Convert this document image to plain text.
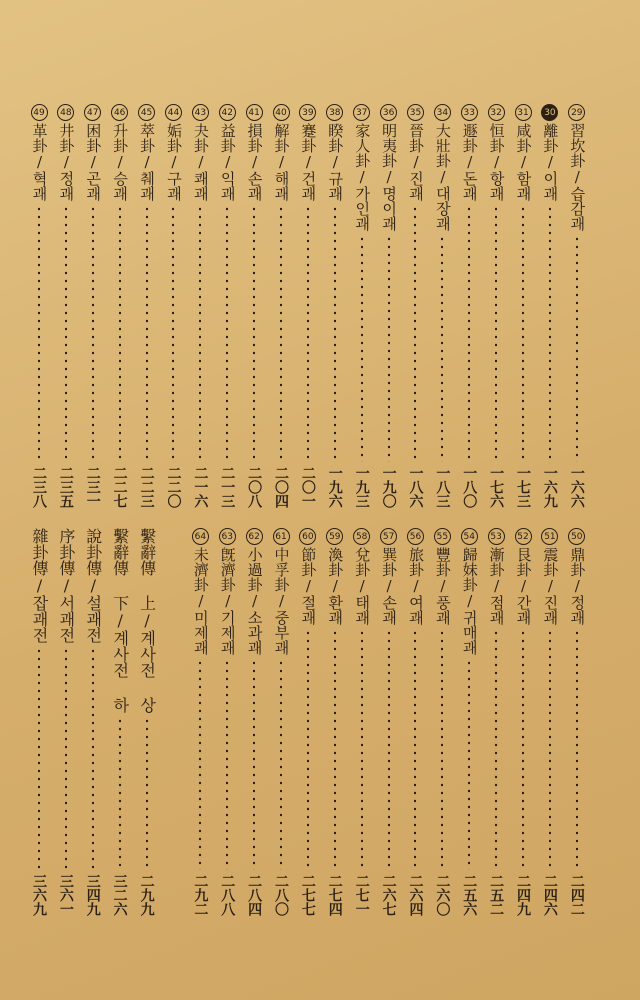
29
習坎卦/습감괘
一六六
30
離卦/이괘
一六九
31
咸卦/함괘
一七三
32
恒卦/항괘
一七六
33
遯卦/돈괘
一八〇
34
大壯卦/대장괘
一八三
35
晉卦/진괘
一八六
36
明夷卦/명이괘
一九〇
37
家人卦/가인괘
一九三
38
睽卦/규괘
一九六
39
蹇卦/건괘
二〇一
40
解卦/해괘
二〇四
41
損卦/손괘
二〇八
42
益卦/익괘
二一三
43
夬卦/쾌괘
二一六
44
姤卦/구괘
二二〇
45
萃卦/췌괘
二二三
46
升卦/승괘
二二七
47
困卦/곤괘
二三一
48
井卦/정괘
二三五
49
革卦/혁괘
二三八
50
鼎卦/정괘
二四二
51
震卦/진괘
二四六
52
艮卦/간괘
二四九
53
漸卦/점괘
二五二
54
歸妹卦/귀매괘
二五六
55
豐卦/풍괘
二六〇
56
旅卦/여괘
二六四
57
巽卦/손괘
二六七
58
兌卦/태괘
二七一
59
渙卦/환괘
二七四
60
節卦/절괘
二七七
61
中孚卦/중부괘
二八〇
62
小過卦/소과괘
二八四
63
旣濟卦/기제괘
二八八
64
未濟卦/미제괘
二九二
繫辭傳 上/계사전 상
二九九
繫辭傳 下/계사전 하
三二六
說卦傳/설괘전
三四九
序卦傳/서괘전
三六一
雜卦傳/잡괘전
三六九
